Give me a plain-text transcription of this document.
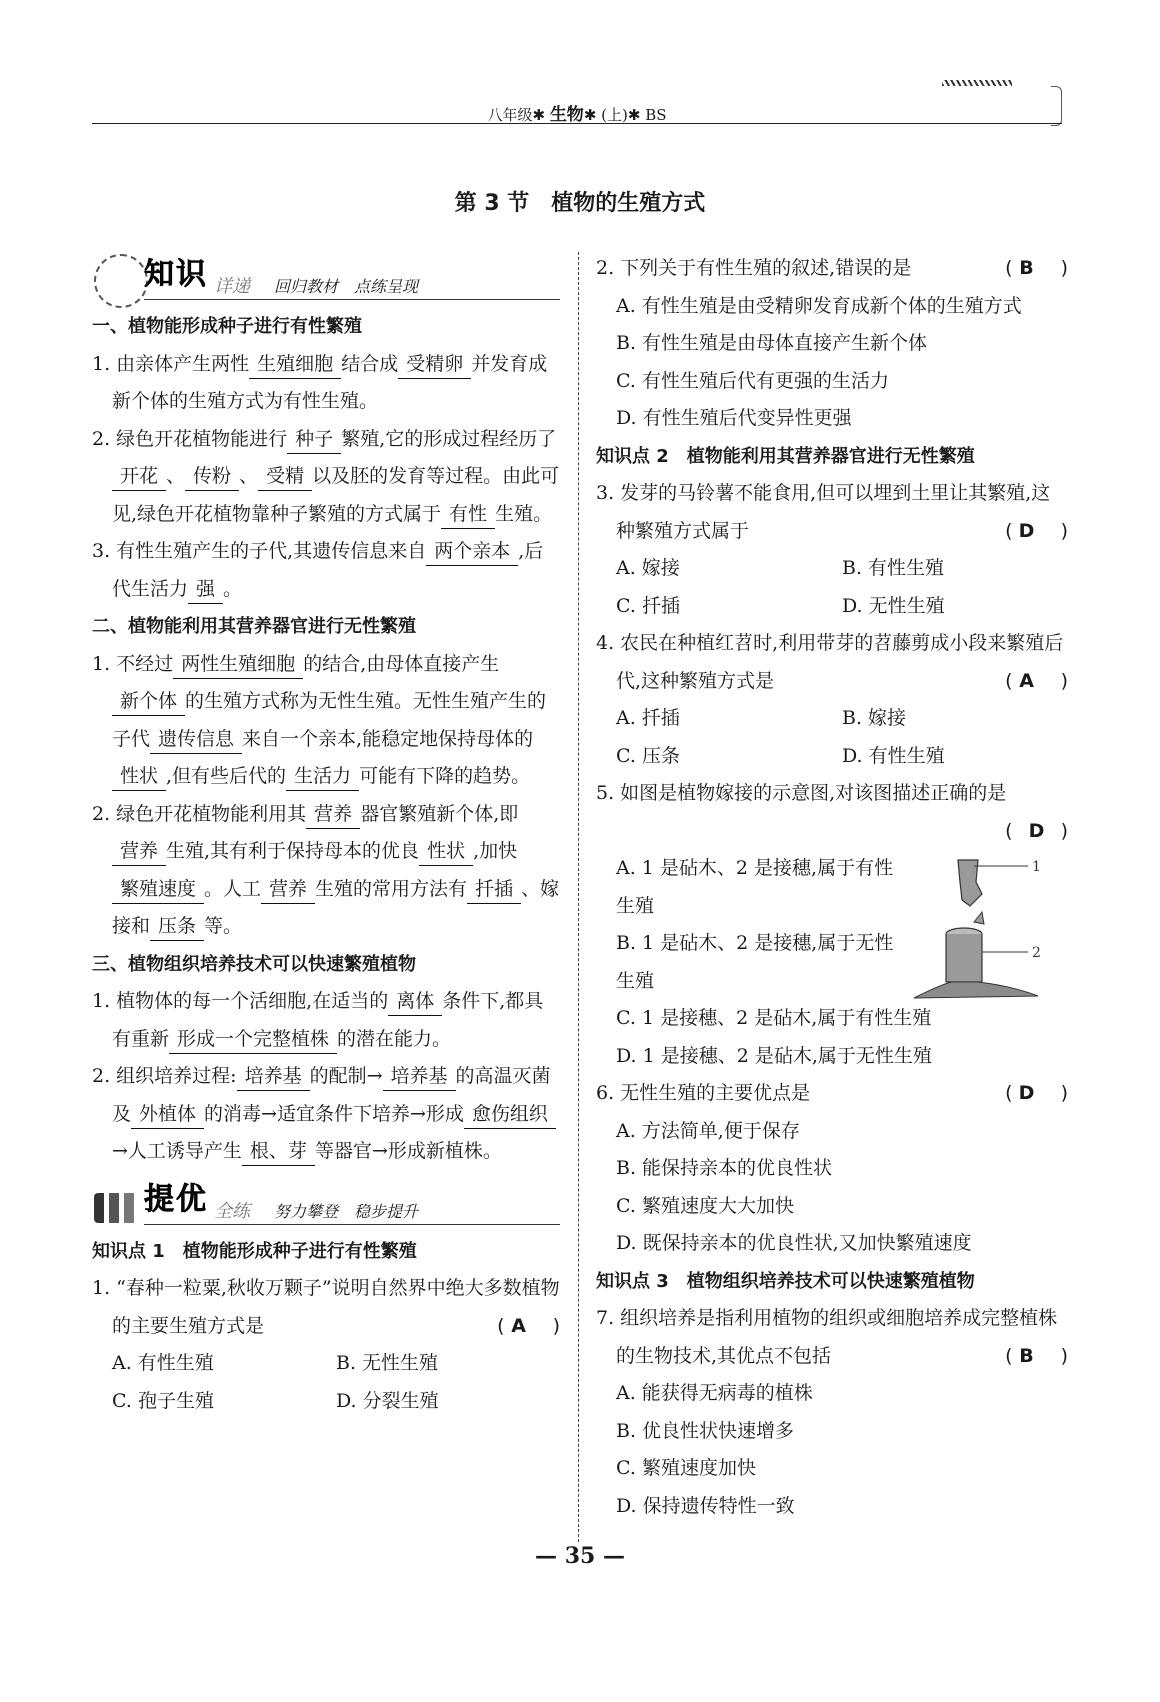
八年级✱ 生物✱ (上)✱ BS
第 3 节　植物的生殖方式
知识 详递 回归教材　点练呈现
一、植物能形成种子进行有性繁殖
1. 由亲体产生两性 生殖细胞 结合成 受精卵 并发育成新个体的生殖方式为有性生殖。
2. 绿色开花植物能进行 种子 繁殖,它的形成过程经历了开花 、 传粉 、 受精 以及胚的发育等过程。由此可见,绿色开花植物靠种子繁殖的方式属于 有性 生殖。
3. 有性生殖产生的子代,其遗传信息来自 两个亲本 ,后代生活力 强 。
二、植物能利用其营养器官进行无性繁殖
1. 不经过 两性生殖细胞 的结合,由母体直接产生新个体 的生殖方式称为无性生殖。无性生殖产生的子代 遗传信息 来自一个亲本,能稳定地保持母体的性状 ,但有些后代的 生活力 可能有下降的趋势。
2. 绿色开花植物能利用其 营养 器官繁殖新个体,即营养 生殖,其有利于保持母本的优良 性状 ,加快繁殖速度 。人工 营养 生殖的常用方法有 扦插 、嫁接和 压条 等。
三、植物组织培养技术可以快速繁殖植物
1. 植物体的每一个活细胞,在适当的 离体 条件下,都具有重新 形成一个完整植株 的潜在能力。
2. 组织培养过程: 培养基 的配制→ 培养基 的高温灭菌及 外植体 的消毒→适宜条件下培养→形成 愈伤组织→人工诱导产生 根、芽 等器官→形成新植株。
提优 全练 努力攀登　稳步提升
知识点 1　植物能形成种子进行有性繁殖
1. “春种一粒粟,秋收万颗子”说明自然界中绝大多数植物的主要生殖方式是	( A )
A. 有性生殖	B. 无性生殖
C. 孢子生殖	D. 分裂生殖
2. 下列关于有性生殖的叙述,错误的是	( B )
A. 有性生殖是由受精卵发育成新个体的生殖方式
B. 有性生殖是由母体直接产生新个体
C. 有性生殖后代有更强的生活力
D. 有性生殖后代变异性更强
知识点 2　植物能利用其营养器官进行无性繁殖
3. 发芽的马铃薯不能食用,但可以埋到土里让其繁殖,这种繁殖方式属于	( D )
A. 嫁接	B. 有性生殖
C. 扦插	D. 无性生殖
4. 农民在种植红苕时,利用带芽的苕藤剪成小段来繁殖后代,这种繁殖方式是	( A )
A. 扦插	B. 嫁接
C. 压条	D. 有性生殖
5. 如图是植物嫁接的示意图,对该图描述正确的是
( D )
1
2
A. 1 是砧木、2 是接穗,属于有性生殖
B. 1 是砧木、2 是接穗,属于无性生殖
C. 1 是接穗、2 是砧木,属于有性生殖
D. 1 是接穗、2 是砧木,属于无性生殖
6. 无性生殖的主要优点是	( D )
A. 方法简单,便于保存
B. 能保持亲本的优良性状
C. 繁殖速度大大加快
D. 既保持亲本的优良性状,又加快繁殖速度
知识点 3　植物组织培养技术可以快速繁殖植物
7. 组织培养是指利用植物的组织或细胞培养成完整植株的生物技术,其优点不包括	( B )
A. 能获得无病毒的植株
B. 优良性状快速增多
C. 繁殖速度加快
D. 保持遗传特性一致
— 35 —
